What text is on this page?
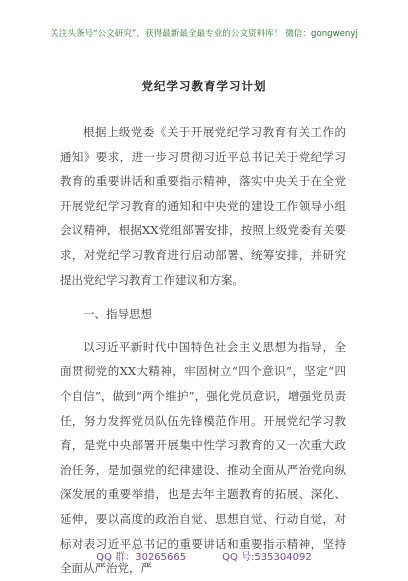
关注头条号“公文研究”，获得最新最全最专业的公文资料库！ 微信：gongwenyj
党纪学习教育学习计划

根据上级党委《关于开展党纪学习教育有关工作的通知》要求，进一步习贯彻习近平总书记关于党纪学习教育的重要讲话和重要指示精神，落实中央关于在全党开展党纪学习教育的通知和中央党的建设工作领导小组会议精神，根据XX党组部署安排，按照上级党委有关要求，对党纪学习教育进行启动部署、统筹安排，并研究提出党纪学习教育工作建议和方案。

一、指导思想

以习近平新时代中国特色社会主义思想为指导，全面贯彻党的XX大精神，牢固树立“四个意识”，坚定“四个自信”，做到“两个维护”，强化党员意识，增强党员责任，努力发挥党员队伍先锋模范作用。开展党纪学习教育，是党中央部署开展集中性学习教育的又一次重大政治任务，是加强党的纪律建设、推动全面从严治党向纵深发展的重要举措，也是去年主题教育的拓展、深化、延伸，要以高度的政治自觉、思想自觉、行动自觉，对标对表习近平总书记的重要讲话和重要指示精神，坚持全面从严治党，严

QQ 群：30265665	QQ 号:535304092
